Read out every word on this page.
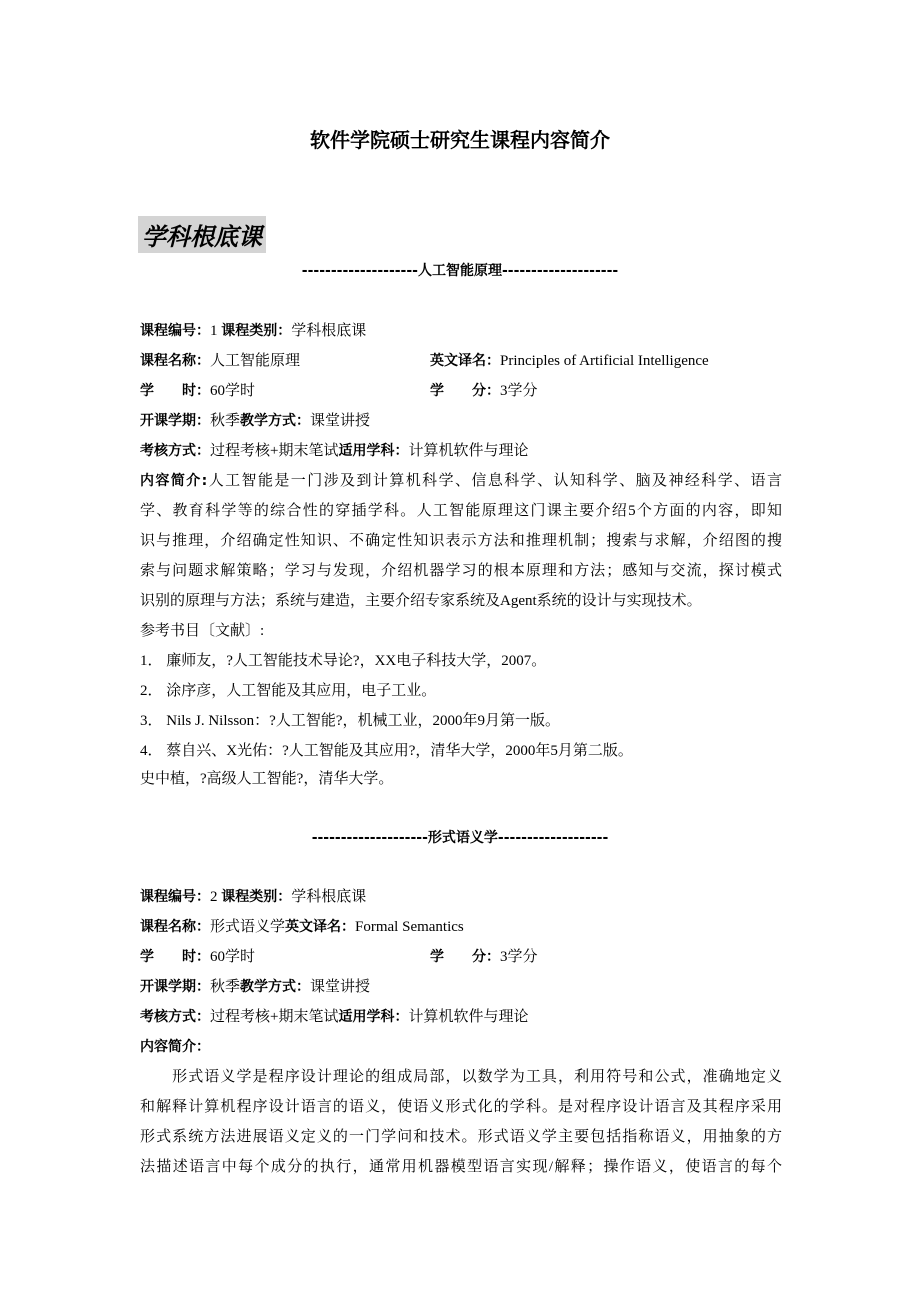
软件学院硕士研究生课程内容简介
学科根底课
--------------------人工智能原理--------------------
课程编号：1 课程类别：学科根底课
课程名称：人工智能原理	英文译名：Principles of Artificial Intelligence
学　　时：60学时	学　　分：3学分
开课学期：秋季教学方式：课堂讲授
考核方式：过程考核+期末笔试适用学科：计算机软件与理论
内容简介:人工智能是一门涉及到计算机科学、信息科学、认知科学、脑及神经科学、语言
学、教育科学等的综合性的穿插学科。人工智能原理这门课主要介绍5个方面的内容，即知
识与推理，介绍确定性知识、不确定性知识表示方法和推理机制；搜索与求解，介绍图的搜
索与问题求解策略；学习与发现，介绍机器学习的根本原理和方法；感知与交流，探讨模式
识别的原理与方法；系统与建造，主要介绍专家系统及Agent系统的设计与实现技术。
参考书目〔文献〕:
1． 廉师友，?人工智能技术导论?，XX电子科技大学，2007。
2． 涂序彦，人工智能及其应用，电子工业。
3． Nils J. Nilsson：?人工智能?，机械工业，2000年9月第一版。
4． 蔡自兴、X光佑：?人工智能及其应用?，清华大学，2000年5月第二版。
史中植，?高级人工智能?，清华大学。
--------------------形式语义学-------------------
课程编号：2 课程类别：学科根底课
课程名称：形式语义学英文译名：Formal Semantics
学　　时：60学时	学　　分：3学分
开课学期：秋季教学方式：课堂讲授
考核方式：过程考核+期末笔试适用学科：计算机软件与理论
内容简介：
　　形式语义学是程序设计理论的组成局部，以数学为工具，利用符号和公式，准确地定义
和解释计算机程序设计语言的语义，使语义形式化的学科。是对程序设计语言及其程序采用
形式系统方法进展语义定义的一门学问和技术。形式语义学主要包括指称语义，用抽象的方
法描述语言中每个成分的执行，通常用机器模型语言实现/解释；操作语义，使语言的每个
